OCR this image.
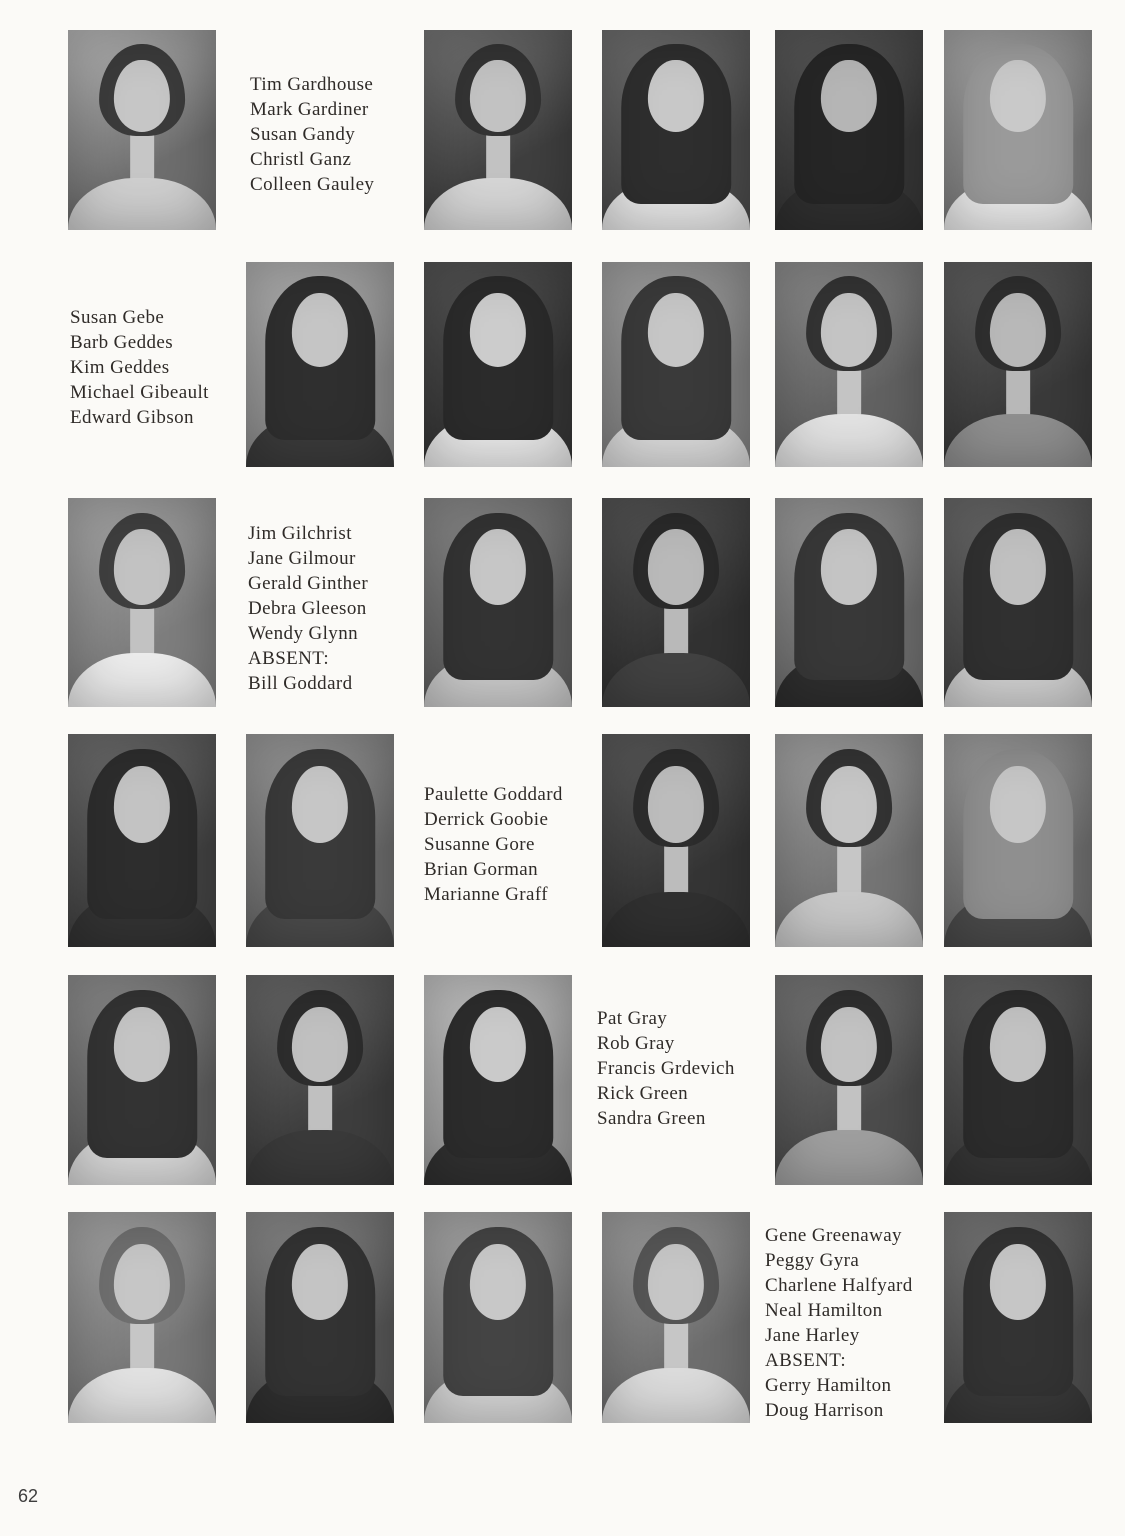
Tim Gardhouse
Mark Gardiner
Susan Gandy
Christl Ganz
Colleen Gauley
Susan Gebe
Barb Geddes
Kim Geddes
Michael Gibeault
Edward Gibson
Jim Gilchrist
Jane Gilmour
Gerald Ginther
Debra Gleeson
Wendy Glynn
ABSENT:
Bill Goddard
Paulette Goddard
Derrick Goobie
Susanne Gore
Brian Gorman
Marianne Graff
Pat Gray
Rob Gray
Francis Grdevich
Rick Green
Sandra Green
Gene Greenaway
Peggy Gyra
Charlene Halfyard
Neal Hamilton
Jane Harley
ABSENT:
Gerry Hamilton
Doug Harrison
62
